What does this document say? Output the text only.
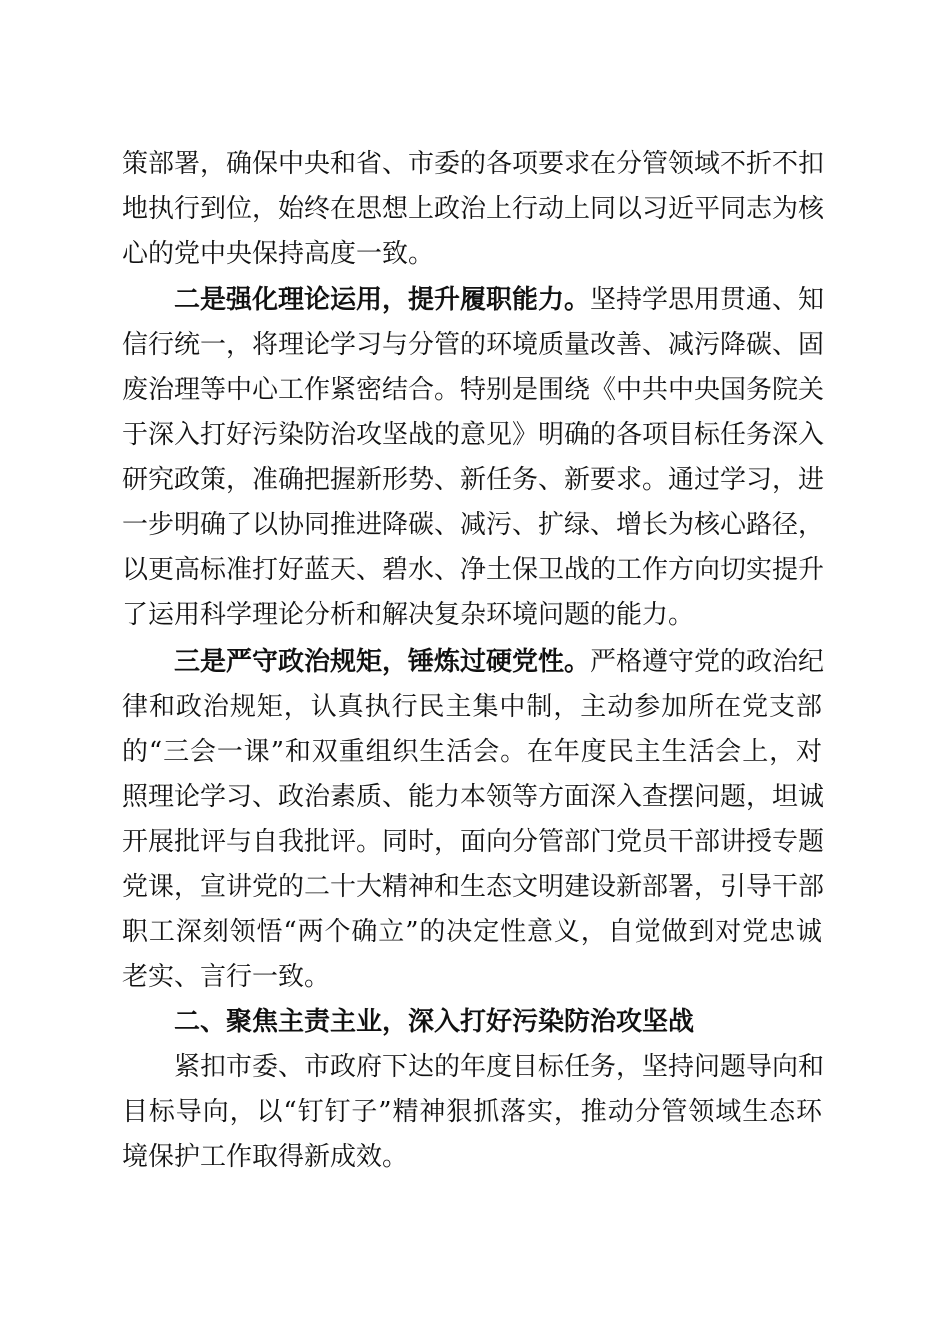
策部署，确保中央和省、市委的各项要求在分管领域不折不扣
地执行到位，始终在思想上政治上行动上同以习近平同志为核
心的党中央保持高度一致。
二是强化理论运用，提升履职能力。坚持学思用贯通、知
信行统一，将理论学习与分管的环境质量改善、减污降碳、固
废治理等中心工作紧密结合。特别是围绕《中共中央国务院关
于深入打好污染防治攻坚战的意见》明确的各项目标任务深入
研究政策，准确把握新形势、新任务、新要求。通过学习，进
一步明确了以协同推进降碳、减污、扩绿、增长为核心路径，
以更高标准打好蓝天、碧水、净土保卫战的工作方向切实提升
了运用科学理论分析和解决复杂环境问题的能力。
三是严守政治规矩，锤炼过硬党性。严格遵守党的政治纪
律和政治规矩，认真执行民主集中制，主动参加所在党支部
的“三会一课”和双重组织生活会。在年度民主生活会上，对
照理论学习、政治素质、能力本领等方面深入查摆问题，坦诚
开展批评与自我批评。同时，面向分管部门党员干部讲授专题
党课，宣讲党的二十大精神和生态文明建设新部署，引导干部
职工深刻领悟“两个确立”的决定性意义，自觉做到对党忠诚
老实、言行一致。
二、聚焦主责主业，深入打好污染防治攻坚战
紧扣市委、市政府下达的年度目标任务，坚持问题导向和
目标导向，以“钉钉子”精神狠抓落实，推动分管领域生态环
境保护工作取得新成效。
